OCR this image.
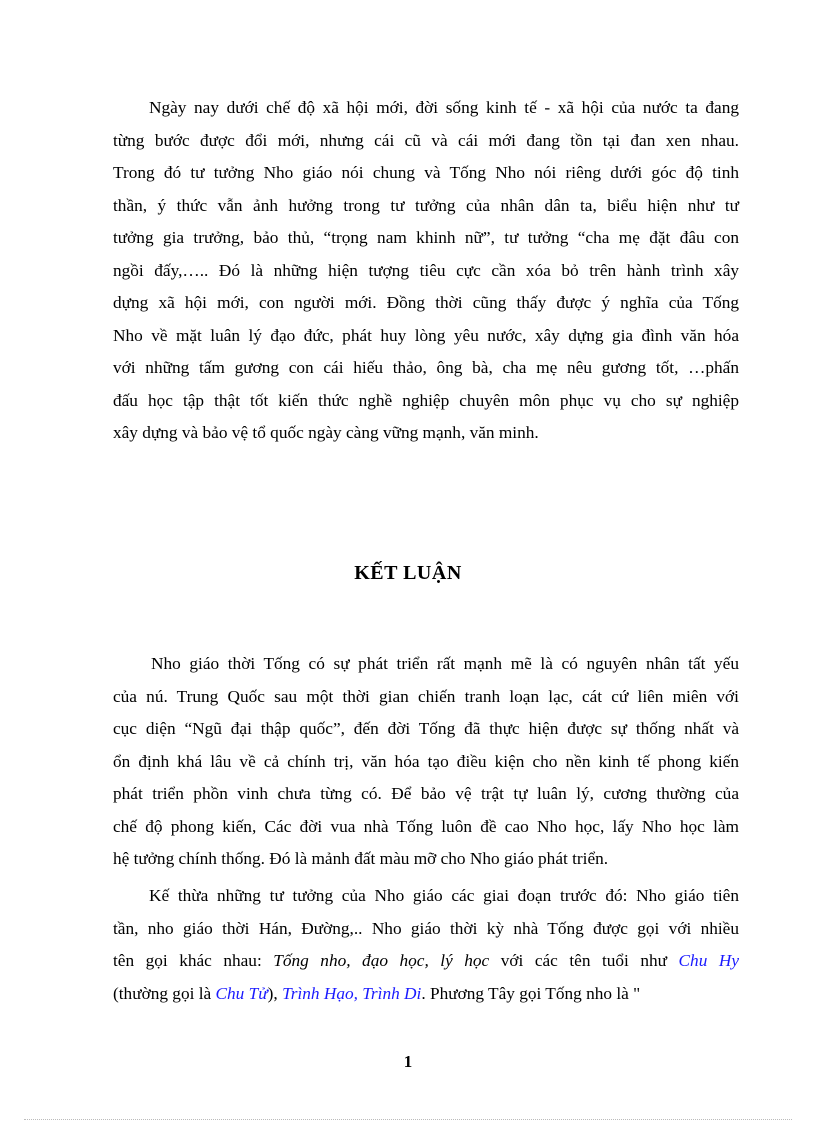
Ngày nay dưới chế độ xã hội mới, đời sống kinh tế - xã hội của nước ta đang
từng bước được đổi mới, nhưng cái cũ và cái mới đang tồn tại đan xen nhau.
Trong đó tư tưởng Nho giáo nói chung và Tống Nho nói riêng dưới góc độ tinh
thần, ý thức vẫn ảnh hưởng trong tư tưởng của nhân dân ta, biểu hiện như tư
tưởng gia trưởng, bảo thủ, “trọng nam khinh nữ”, tư tưởng “cha mẹ đặt đâu con
ngồi đấy,….. Đó là những hiện tượng tiêu cực cần xóa bỏ trên hành trình xây
dựng xã hội mới, con người mới. Đồng thời cũng thấy được ý nghĩa của Tống
Nho về mặt luân lý đạo đức, phát huy lòng yêu nước, xây dựng gia đình văn hóa
với những tấm gương con cái hiếu thảo, ông bà, cha mẹ nêu gương tốt, …phấn
đấu học tập thật tốt kiến thức nghề nghiệp chuyên môn phục vụ cho sự nghiệp
xây dựng và bảo vệ tổ quốc ngày càng vững mạnh, văn minh.
KẾT LUẬN
Nho giáo thời Tống có sự phát triển rất mạnh mẽ là có nguyên nhân tất yếu
của nú. Trung Quốc sau một thời gian chiến tranh loạn lạc, cát cứ liên miên với
cục diện “Ngũ đại thập quốc”, đến đời Tống đã thực hiện được sự thống nhất và
ổn định khá lâu về cả chính trị, văn hóa tạo điều kiện cho nền kinh tế phong kiến
phát triển phồn vinh chưa từng có. Để bảo vệ trật tự luân lý, cương thường của
chế độ phong kiến, Các đời vua nhà Tống luôn đề cao Nho học, lấy Nho học làm
hệ tưởng chính thống. Đó là mảnh đất màu mỡ cho Nho giáo phát triển.
Kế thừa những tư tưởng của Nho giáo các giai đoạn trước đó: Nho giáo tiên
tần, nho giáo thời Hán, Đường,.. Nho giáo thời kỳ nhà Tống được gọi với nhiều
tên gọi khác nhau: Tống nho, đạo học, lý học với các tên tuổi như Chu Hy
(thường gọi là Chu Tử), Trình Hạo, Trình Di. Phương Tây gọi Tống nho là "
1
